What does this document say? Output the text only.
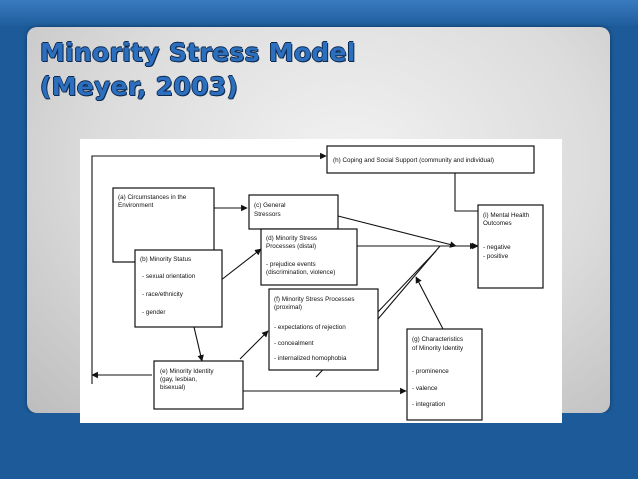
Minority Stress Model
(Meyer, 2003)
(h) Coping and Social Support (community and individual)
(a) Circumstances in the
Environment	(c) General
Stressors	(i) Mental Health
Outcomes
- negative
- positive
(b) Minority Status
- sexual orientation
- race/ethnicity
- gender
(d) Minority Stress
Processes (distal)
- prejudice events
(discrimination, violence)
(f) Minority Stress Processes
(proximal)
- expectations of rejection
- concealment
- internalized homophobia
(g) Characteristics
of Minority Identity
- prominence
- valence
- integration
(e) Minority Identity
(gay, lesbian,
bisexual)
